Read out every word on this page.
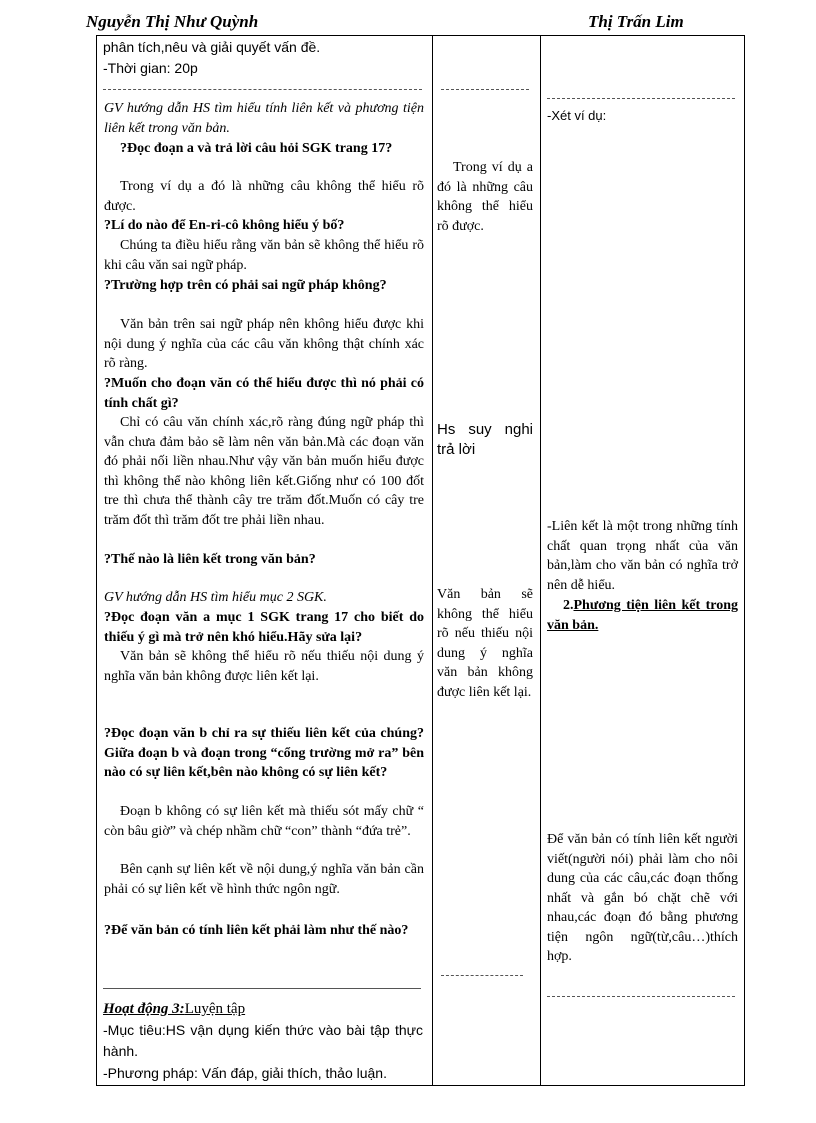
Nguyễn Thị Như Quỳnh	Thị Trấn Lim
phân tích,nêu và giải quyết vấn đề.
-Thời gian: 20p
GV hướng dẫn HS tìm hiểu tính liên kết và phương tiện liên kết trong văn bản.
?Đọc đoạn a và trả lời câu hỏi SGK trang 17?
Trong ví dụ a đó là những câu không thể hiểu rõ được.
?Lí do nào để En-ri-cô không hiểu ý bố?
Chúng ta điều hiểu rằng văn bản sẽ không thể hiểu rõ khi câu văn sai ngữ pháp.
?Trường hợp trên có phải sai ngữ pháp không?
Văn bản trên sai ngữ pháp nên không hiểu được khi nội dung ý nghĩa của các câu văn không thật chính xác rõ ràng.
?Muốn cho đoạn văn có thể hiểu được thì nó phải có tính chất gì?
Chỉ có câu văn chính xác,rõ ràng đúng ngữ pháp thì vẫn chưa đảm bảo sẽ làm nên văn bản.Mà các đoạn văn đó phải nối liền nhau.Như vậy văn bản muốn hiểu được thì không thể nào không liên kết.Giống như có 100 đốt tre thì chưa thể thành cây tre trăm đốt.Muốn có cây tre trăm đốt thì trăm đốt tre phải liền nhau.
?Thế nào là liên kết trong văn bản?
GV hướng dẫn HS tìm hiểu mục 2 SGK.
?Đọc đoạn văn a mục 1 SGK trang 17 cho biết do thiếu ý gì mà trở nên khó hiểu.Hãy sửa lại?
Văn bản sẽ không thể hiểu rõ nếu thiếu nội dung ý nghĩa văn bản không được liên kết lại.
?Đọc đoạn văn b chỉ ra sự thiếu liên kết của chúng?Giữa đoạn b và đoạn trong “cổng trường mở ra” bên nào có sự liên kết,bên nào không có sự liên kết?
Đoạn b không có sự liên kết mà thiếu sót mấy chữ “ còn bâu giờ” và chép nhầm chữ “con” thành “đứa trẻ”.
Bên cạnh sự liên kết về nội dung,ý nghĩa văn bản cần phải có sự liên kết về hình thức ngôn ngữ.
?Để văn bản có tính liên kết phải làm như thế nào?
Hoạt động 3:Luyện tập
-Mục tiêu:HS vận dụng kiến thức vào bài tập thực hành.
-Phương pháp: Vấn đáp, giải thích, thảo luận.
Trong ví dụ a đó là những câu không thể hiểu rõ được.
Hs suy nghi trả lời
Văn bản sẽ không thể hiểu rõ nếu thiếu nội dung ý nghĩa văn bản không được liên kết lại.
-Xét ví dụ:
-Liên kết là một trong những tính chất quan trọng nhất của văn bản,làm cho văn bản có nghĩa trở nên dễ hiểu.
2.Phương tiện liên kết trong văn bản.
Để văn bản có tính liên kết người viết(người nói) phải làm cho nôi dung của các câu,các đoạn thống nhất và gắn bó chặt chẽ với nhau,các đoạn đó bằng phương tiện ngôn ngữ(từ,câu…)thích hợp.
